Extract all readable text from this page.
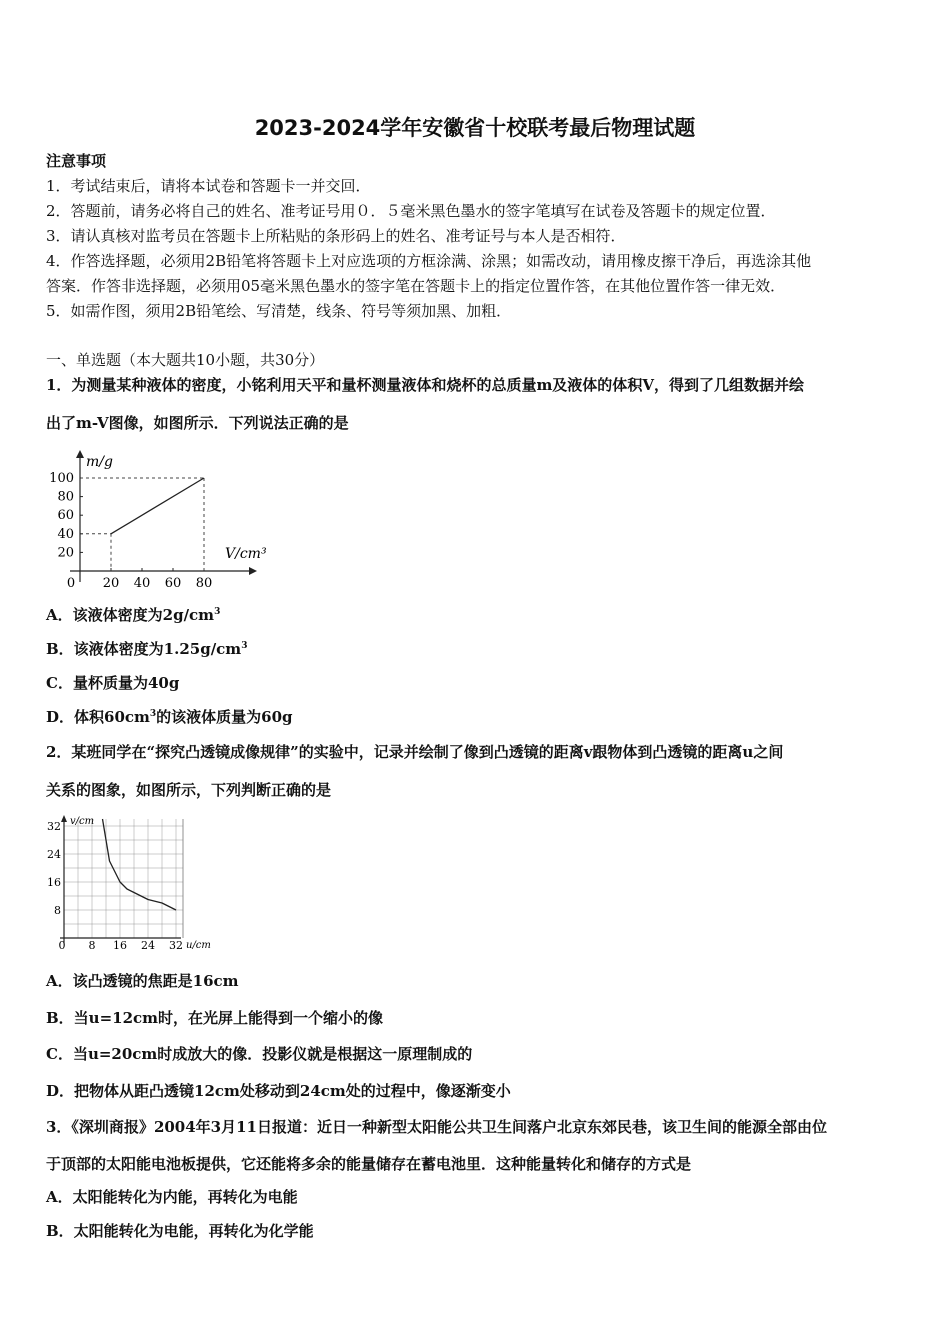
2023-2024学年安徽省十校联考最后物理试题
注意事项
1．考试结束后，请将本试卷和答题卡一并交回．
2．答题前，请务必将自己的姓名、准考证号用０．５毫米黑色墨水的签字笔填写在试卷及答题卡的规定位置．
3．请认真核对监考员在答题卡上所粘贴的条形码上的姓名、准考证号与本人是否相符．
4．作答选择题，必须用2B铅笔将答题卡上对应选项的方框涂满、涂黑；如需改动，请用橡皮擦干净后，再选涂其他
答案．作答非选择题，必须用05毫米黑色墨水的签字笔在答题卡上的指定位置作答，在其他位置作答一律无效．
5．如需作图，须用2B铅笔绘、写清楚，线条、符号等须加黑、加粗．
一、单选题（本大题共10小题，共30分）
1．为测量某种液体的密度，小铭利用天平和量杯测量液体和烧杯的总质量m及液体的体积V，得到了几组数据并绘
出了m-V图像，如图所示．下列说法正确的是
0 20 40 60 80
20
40
60
80
100
m/g
V/cm³
A．该液体密度为$2g/cm^3$
B．该液体密度为$1.25g/cm^3$
C．量杯质量为40g
D．体积$60cm^3$的该液体质量为60g
2．某班同学在“探究凸透镜成像规律”的实验中，记录并绘制了像到凸透镜的距离v跟物体到凸透镜的距离u之间
关系的图象，如图所示，下列判断正确的是
0 8 16 24 32
8
16
24
32 v/cm
u/cm
A．该凸透镜的焦距是16cm
B．当u=12cm时，在光屏上能得到一个缩小的像
C．当u=20cm时成放大的像．投影仪就是根据这一原理制成的
D．把物体从距凸透镜12cm处移动到24cm处的过程中，像逐渐变小
3．《深圳商报》2004年3月11日报道：近日一种新型太阳能公共卫生间落户北京东郊民巷，该卫生间的能源全部由位
于顶部的太阳能电池板提供，它还能将多余的能量储存在蓄电池里．这种能量转化和储存的方式是
A．太阳能转化为内能，再转化为电能
B．太阳能转化为电能，再转化为化学能
